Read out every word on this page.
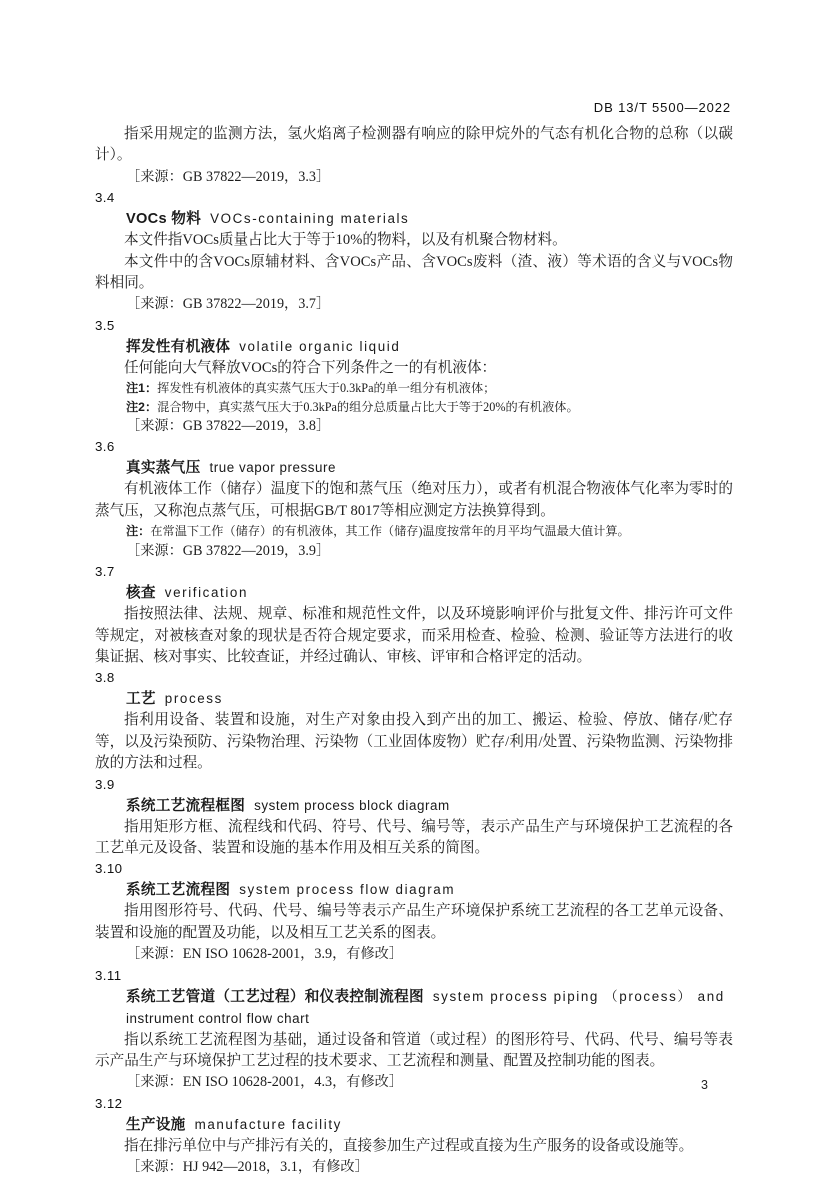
DB 13/T 5500—2022

指采用规定的监测方法，氢火焰离子检测器有响应的除甲烷外的气态有机化合物的总称（以碳计）。

［来源：GB 37822—2019，3.3］

3.4

VOCs 物料 VOCs-containing materials

本文件指VOCs质量占比大于等于10%的物料，以及有机聚合物材料。

本文件中的含VOCs原辅材料、含VOCs产品、含VOCs废料（渣、液）等术语的含义与VOCs物料相同。

［来源：GB 37822—2019，3.7］

3.5

挥发性有机液体 volatile organic liquid

任何能向大气释放VOCs的符合下列条件之一的有机液体：

注1：挥发性有机液体的真实蒸气压大于0.3kPa的单一组分有机液体；

注2：混合物中，真实蒸气压大于0.3kPa的组分总质量占比大于等于20%的有机液体。

［来源：GB 37822—2019，3.8］

3.6

真实蒸气压 true vapor pressure

有机液体工作（储存）温度下的饱和蒸气压（绝对压力），或者有机混合物液体气化率为零时的蒸气压，又称泡点蒸气压，可根据GB/T 8017等相应测定方法换算得到。

注：在常温下工作（储存）的有机液体，其工作（储存)温度按常年的月平均气温最大值计算。

［来源：GB 37822—2019，3.9］

3.7

核查 verification

指按照法律、法规、规章、标准和规范性文件，以及环境影响评价与批复文件、排污许可文件等规定，对被核查对象的现状是否符合规定要求，而采用检查、检验、检测、验证等方法进行的收集证据、核对事实、比较查证，并经过确认、审核、评审和合格评定的活动。

3.8

工艺 process

指利用设备、装置和设施，对生产对象由投入到产出的加工、搬运、检验、停放、储存/贮存等，以及污染预防、污染物治理、污染物（工业固体废物）贮存/利用/处置、污染物监测、污染物排放的方法和过程。

3.9

系统工艺流程框图 system process block diagram

指用矩形方框、流程线和代码、符号、代号、编号等，表示产品生产与环境保护工艺流程的各工艺单元及设备、装置和设施的基本作用及相互关系的简图。

3.10

系统工艺流程图 system process flow diagram

指用图形符号、代码、代号、编号等表示产品生产环境保护系统工艺流程的各工艺单元设备、装置和设施的配置及功能，以及相互工艺关系的图表。

［来源：EN ISO 10628-2001，3.9，有修改］

3.11

系统工艺管道（工艺过程）和仪表控制流程图 system process piping （process） and

instrument control flow chart

指以系统工艺流程图为基础，通过设备和管道（或过程）的图形符号、代码、代号、编号等表示产品生产与环境保护工艺过程的技术要求、工艺流程和测量、配置及控制功能的图表。

［来源：EN ISO 10628-2001，4.3，有修改］

3.12

生产设施 manufacture facility

指在排污单位中与产排污有关的，直接参加生产过程或直接为生产服务的设备或设施等。

［来源：HJ 942—2018，3.1，有修改］

3
